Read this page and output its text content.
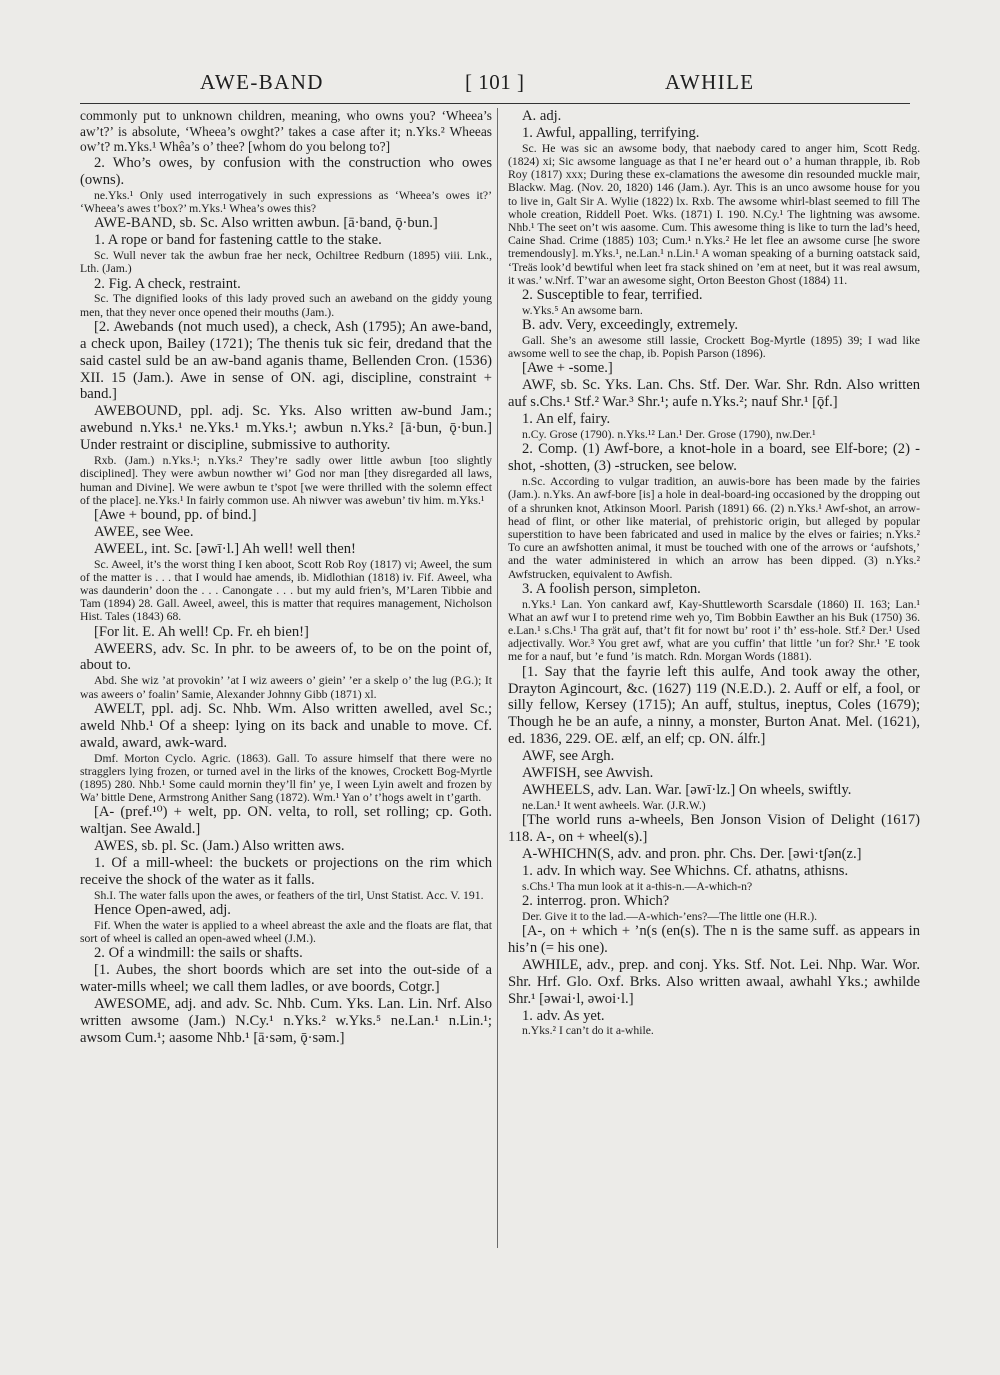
AWE-BAND	[ 101 ]	AWHILE

commonly put to unknown children, meaning, who owns you? ‘Wheea’s aw’t?’ is absolute, ‘Wheea’s owght?’ takes a case after it; n.Yks.² Wheeas ow’t? m.Yks.¹ Whêa’s o’ thee? [whom do you belong to?]

2. Who’s owes, by confusion with the construction who owes (owns).

ne.Yks.¹ Only used interrogatively in such expressions as ‘Wheea’s owes it?’ ‘Wheea’s awes t’box?’ m.Yks.¹ Whea’s owes this?

AWE-BAND, sb. Sc. Also written awbun. [ā·band, ǭ·bun.]

1. A rope or band for fastening cattle to the stake.

Sc. Wull never tak the awbun frae her neck, Ochiltree Redburn (1895) viii. Lnk., Lth. (Jam.)

2. Fig. A check, restraint.

Sc. The dignified looks of this lady proved such an aweband on the giddy young men, that they never once opened their mouths (Jam.).

[2. Awebands (not much used), a check, Ash (1795); An awe-band, a check upon, Bailey (1721); The thenis tuk sic feir, dredand that the said castel suld be an aw-band aganis thame, Bellenden Cron. (1536) XII. 15 (Jam.). Awe in sense of ON. agi, discipline, constraint + band.]

AWEBOUND, ppl. adj. Sc. Yks. Also written aw-bund Jam.; awebund n.Yks.¹ ne.Yks.¹ m.Yks.¹; awbun n.Yks.² [ā·bun, ǭ·bun.] Under restraint or discipline, submissive to authority.

Rxb. (Jam.) n.Yks.¹; n.Yks.² They’re sadly ower little awbun [too slightly disciplined]. They were awbun nowther wi’ God nor man [they disregarded all laws, human and Divine]. We were awbun te t’spot [we were thrilled with the solemn effect of the place]. ne.Yks.¹ In fairly common use. Ah niwver was awebun’ tiv him. m.Yks.¹

[Awe + bound, pp. of bind.]

AWEE, see Wee.

AWEEL, int. Sc. [əwī·l.] Ah well! well then!

Sc. Aweel, it’s the worst thing I ken aboot, Scott Rob Roy (1817) vi; Aweel, the sum of the matter is . . . that I would hae amends, ib. Midlothian (1818) iv. Fif. Aweel, wha was daunderin’ doon the . . . Canongate . . . but my auld frien’s, M’Laren Tibbie and Tam (1894) 28. Gall. Aweel, aweel, this is matter that requires management, Nicholson Hist. Tales (1843) 68.

[For lit. E. Ah well! Cp. Fr. eh bien!]

AWEERS, adv. Sc. In phr. to be aweers of, to be on the point of, about to.

Abd. She wiz ’at provokin’ ’at I wiz aweers o’ giein’ ’er a skelp o’ the lug (P.G.); It was aweers o’ foalin’ Samie, Alexander Johnny Gibb (1871) xl.

AWELT, ppl. adj. Sc. Nhb. Wm. Also written awelled, avel Sc.; aweld Nhb.¹ Of a sheep: lying on its back and unable to move. Cf. awald, award, awk-ward.

Dmf. Morton Cyclo. Agric. (1863). Gall. To assure himself that there were no stragglers lying frozen, or turned avel in the lirks of the knowes, Crockett Bog-Myrtle (1895) 280. Nhb.¹ Some cauld mornin they’ll fin’ ye, I ween Lyin awelt and frozen by Wa’ bittle Dene, Armstrong Anither Sang (1872). Wm.¹ Yan o’ t’hogs awelt in t’garth.

[A- (pref.¹⁰) + welt, pp. ON. velta, to roll, set rolling; cp. Goth. waltjan. See Awald.]

AWES, sb. pl. Sc. (Jam.) Also written aws.

1. Of a mill-wheel: the buckets or projections on the rim which receive the shock of the water as it falls.

Sh.I. The water falls upon the awes, or feathers of the tirl, Unst Statist. Acc. V. 191.

Hence Open-awed, adj.

Fif. When the water is applied to a wheel abreast the axle and the floats are flat, that sort of wheel is called an open-awed wheel (J.M.).

2. Of a windmill: the sails or shafts.

[1. Aubes, the short boords which are set into the out-side of a water-mills wheel; we call them ladles, or ave boords, Cotgr.]

AWESOME, adj. and adv. Sc. Nhb. Cum. Yks. Lan. Lin. Nrf. Also written awsome (Jam.) N.Cy.¹ n.Yks.² w.Yks.⁵ ne.Lan.¹ n.Lin.¹; awsom Cum.¹; aasome Nhb.¹ [ā·səm, ǭ·səm.]

A. adj.

1. Awful, appalling, terrifying.

Sc. He was sic an awsome body, that naebody cared to anger him, Scott Redg. (1824) xi; Sic awsome language as that I ne’er heard out o’ a human thrapple, ib. Rob Roy (1817) xxx; During these ex-clamations the awesome din resounded muckle mair, Blackw. Mag. (Nov. 20, 1820) 146 (Jam.). Ayr. This is an unco awsome house for you to live in, Galt Sir A. Wylie (1822) lx. Rxb. The awsome whirl-blast seemed to fill The whole creation, Riddell Poet. Wks. (1871) I. 190. N.Cy.¹ The lightning was awsome. Nhb.¹ The seet on’t wis aasome. Cum. This awesome thing is like to turn the lad’s heed, Caine Shad. Crime (1885) 103; Cum.¹ n.Yks.² He let flee an awsome curse [he swore tremendously]. m.Yks.¹, ne.Lan.¹ n.Lin.¹ A woman speaking of a burning oatstack said, ‘Treäs look’d bewtiful when leet fra stack shined on ’em at neet, but it was real awsum, it was.’ w.Nrf. T’war an awesome sight, Orton Beeston Ghost (1884) 11.

2. Susceptible to fear, terrified.

w.Yks.⁵ An awsome barn.

B. adv. Very, exceedingly, extremely.

Gall. She’s an awesome still lassie, Crockett Bog-Myrtle (1895) 39; I wad like awsome well to see the chap, ib. Popish Parson (1896).

[Awe + -some.]

AWF, sb. Sc. Yks. Lan. Chs. Stf. Der. War. Shr. Rdn. Also written auf s.Chs.¹ Stf.² War.³ Shr.¹; aufe n.Yks.²; nauf Shr.¹ [ǭf.]

1. An elf, fairy.

n.Cy. Grose (1790). n.Yks.¹² Lan.¹ Der. Grose (1790), nw.Der.¹

2. Comp. (1) Awf-bore, a knot-hole in a board, see Elf-bore; (2) -shot, -shotten, (3) -strucken, see below.

n.Sc. According to vulgar tradition, an auwis-bore has been made by the fairies (Jam.). n.Yks. An awf-bore [is] a hole in deal-board-ing occasioned by the dropping out of a shrunken knot, Atkinson Moorl. Parish (1891) 66. (2) n.Yks.¹ Awf-shot, an arrow-head of flint, or other like material, of prehistoric origin, but alleged by popular superstition to have been fabricated and used in malice by the elves or fairies; n.Yks.² To cure an awfshotten animal, it must be touched with one of the arrows or ‘aufshots,’ and the water administered in which an arrow has been dipped. (3) n.Yks.² Awfstrucken, equivalent to Awfish.

3. A foolish person, simpleton.

n.Yks.¹ Lan. Yon cankard awf, Kay-Shuttleworth Scarsdale (1860) II. 163; Lan.¹ What an awf wur I to pretend rime weh yo, Tim Bobbin Eawther an his Buk (1750) 36. e.Lan.¹ s.Chs.¹ Tha grät auf, that’t fit for nowt bu’ root i’ th’ ess-hole. Stf.² Der.¹ Used adjectivally. Wor.³ You gret awf, what are you cuffin’ that little ’un for? Shr.¹ ’E took me for a nauf, but ’e fund ’is match. Rdn. Morgan Words (1881).

[1. Say that the fayrie left this aulfe, And took away the other, Drayton Agincourt, &c. (1627) 119 (N.E.D.). 2. Auff or elf, a fool, or silly fellow, Kersey (1715); An auff, stultus, ineptus, Coles (1679); Though he be an aufe, a ninny, a monster, Burton Anat. Mel. (1621), ed. 1836, 229. OE. ælf, an elf; cp. ON. álfr.]

AWF, see Argh.

AWFISH, see Awvish.

AWHEELS, adv. Lan. War. [əwī·lz.] On wheels, swiftly.

ne.Lan.¹ It went awheels. War. (J.R.W.)

[The world runs a-wheels, Ben Jonson Vision of Delight (1617) 118. A-, on + wheel(s).]

A-WHICHN(S, adv. and pron. phr. Chs. Der. [əwi·tʃən(z.]

1. adv. In which way. See Whichns. Cf. athatns, athisns.

s.Chs.¹ Tha mun look at it a-this-n.—A-which-n?

2. interrog. pron. Which?

Der. Give it to the lad.—A-which-’ens?—The little one (H.R.).

[A-, on + which + ’n(s (en(s). The n is the same suff. as appears in his’n (= his one).

AWHILE, adv., prep. and conj. Yks. Stf. Not. Lei. Nhp. War. Wor. Shr. Hrf. Glo. Oxf. Brks. Also written awaal, awhahl Yks.; awhilde Shr.¹ [əwai·l, əwoi·l.]

1. adv. As yet.

n.Yks.² I can’t do it a-while.
